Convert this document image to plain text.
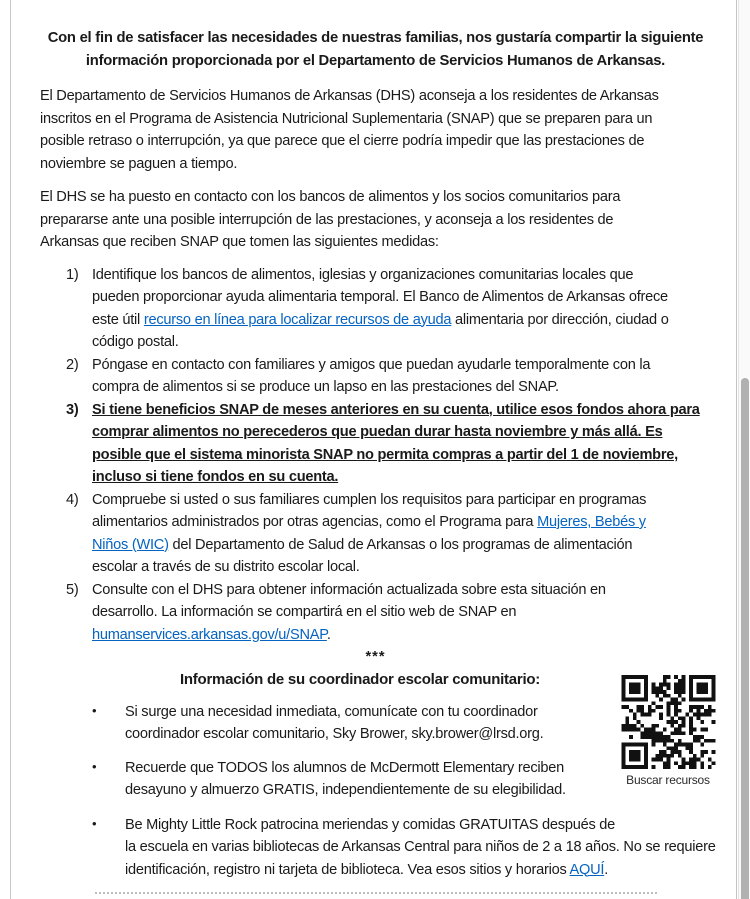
Con el fin de satisfacer las necesidades de nuestras familias, nos gustaría compartir la siguiente
información proporcionada por el Departamento de Servicios Humanos de Arkansas.
El Departamento de Servicios Humanos de Arkansas (DHS) aconseja a los residentes de Arkansas
inscritos en el Programa de Asistencia Nutricional Suplementaria (SNAP) que se preparen para un
posible retraso o interrupción, ya que parece que el cierre podría impedir que las prestaciones de
noviembre se paguen a tiempo.
El DHS se ha puesto en contacto con los bancos de alimentos y los socios comunitarios para
prepararse ante una posible interrupción de las prestaciones, y aconseja a los residentes de
Arkansas que reciben SNAP que tomen las siguientes medidas:
1) Identifique los bancos de alimentos, iglesias y organizaciones comunitarias locales que
pueden proporcionar ayuda alimentaria temporal. El Banco de Alimentos de Arkansas ofrece
este útil recurso en línea para localizar recursos de ayuda alimentaria por dirección, ciudad o
código postal.
2) Póngase en contacto con familiares y amigos que puedan ayudarle temporalmente con la
compra de alimentos si se produce un lapso en las prestaciones del SNAP.
3) Si tiene beneficios SNAP de meses anteriores en su cuenta, utilice esos fondos ahora para
comprar alimentos no perecederos que puedan durar hasta noviembre y más allá. Es
posible que el sistema minorista SNAP no permita compras a partir del 1 de noviembre,
incluso si tiene fondos en su cuenta.
4) Compruebe si usted o sus familiares cumplen los requisitos para participar en programas
alimentarios administrados por otras agencias, como el Programa para Mujeres, Bebés y
Niños (WIC) del Departamento de Salud de Arkansas o los programas de alimentación
escolar a través de su distrito escolar local.
5) Consulte con el DHS para obtener información actualizada sobre esta situación en
desarrollo. La información se compartirá en el sitio web de SNAP en
humanservices.arkansas.gov/u/SNAP.
***
Información de su coordinador escolar comunitario:
Buscar recursos
• Si surge una necesidad inmediata, comunícate con tu coordinador
coordinador escolar comunitario, Sky Brower, sky.brower@lrsd.org.
• Recuerde que TODOS los alumnos de McDermott Elementary reciben
desayuno y almuerzo GRATIS, independientemente de su elegibilidad.
• Be Mighty Little Rock patrocina meriendas y comidas GRATUITAS después de
la escuela en varias bibliotecas de Arkansas Central para niños de 2 a 18 años. No se requiere
identificación, registro ni tarjeta de biblioteca. Vea esos sitios y horarios AQUÍ.
